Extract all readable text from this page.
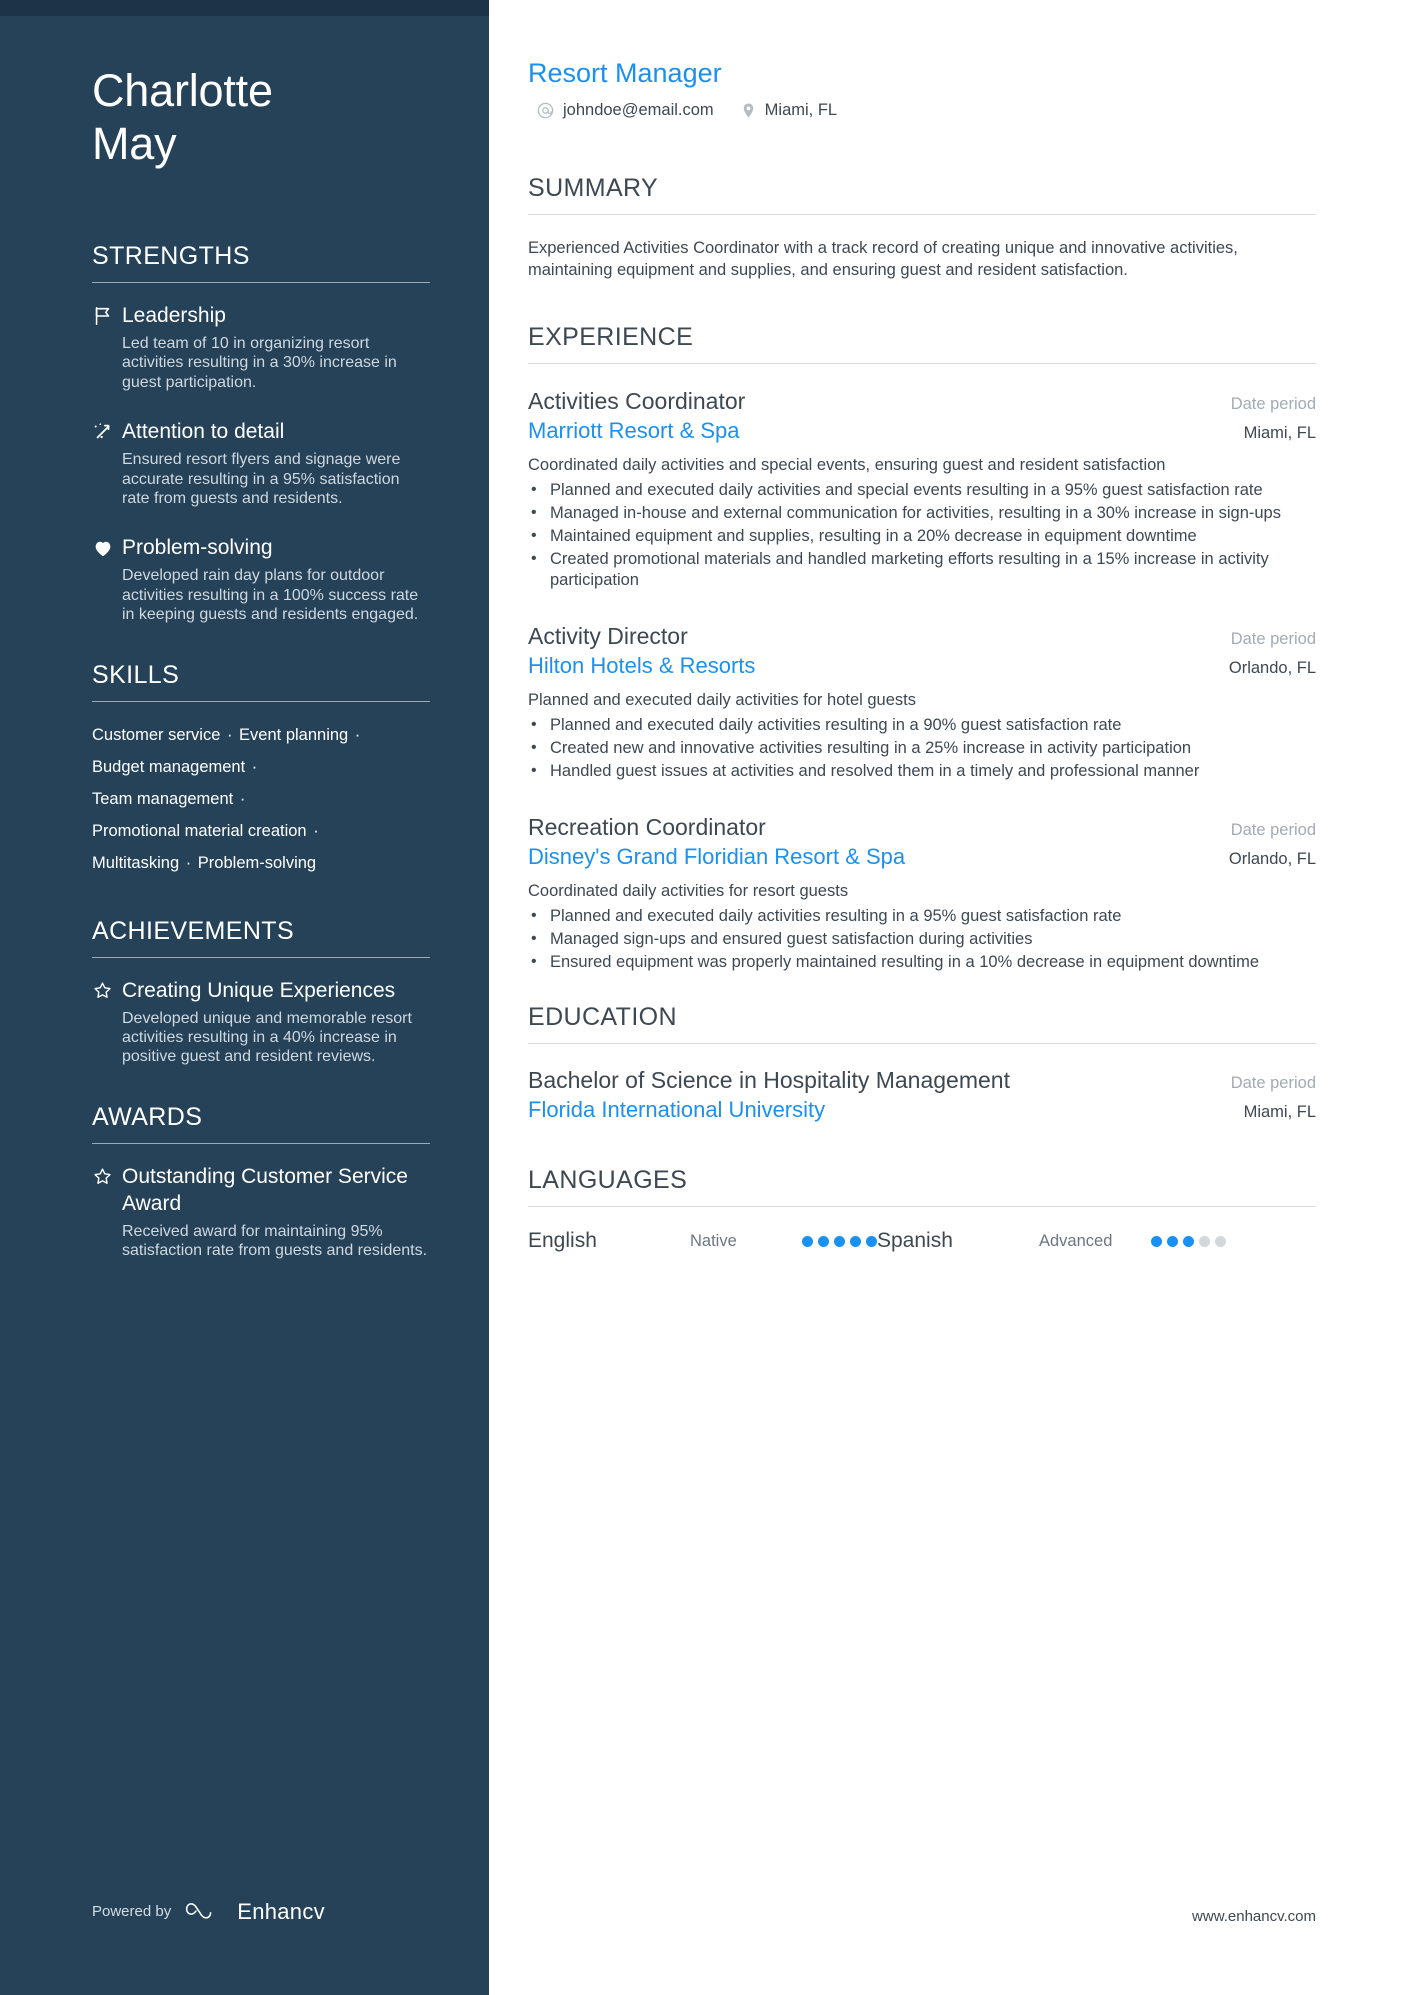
Charlotte
May
STRENGTHS
Leadership
Led team of 10 in organizing resort activities resulting in a 30% increase in guest participation.
Attention to detail
Ensured resort flyers and signage were accurate resulting in a 95% satisfaction rate from guests and residents.
Problem-solving
Developed rain day plans for outdoor activities resulting in a 100% success rate in keeping guests and residents engaged.
SKILLS
Customer service · Event planning ·
Budget management ·
Team management ·
Promotional material creation ·
Multitasking · Problem-solving
ACHIEVEMENTS
Creating Unique Experiences
Developed unique and memorable resort activities resulting in a 40% increase in positive guest and resident reviews.
AWARDS
Outstanding Customer Service Award
Received award for maintaining 95% satisfaction rate from guests and residents.
Powered by	Enhancv
Resort Manager
johndoe@email.com	Miami, FL
SUMMARY

Experienced Activities Coordinator with a track record of creating unique and innovative activities, maintaining equipment and supplies, and ensuring guest and resident satisfaction.

EXPERIENCE
Activities Coordinator	Date period
Marriott Resort & Spa	Miami, FL
Coordinated daily activities and special events, ensuring guest and resident satisfaction
• Planned and executed daily activities and special events resulting in a 95% guest satisfaction rate
• Managed in-house and external communication for activities, resulting in a 30% increase in sign-ups
• Maintained equipment and supplies, resulting in a 20% decrease in equipment downtime
• Created promotional materials and handled marketing efforts resulting in a 15% increase in activity participation
Activity Director	Date period
Hilton Hotels & Resorts	Orlando, FL
Planned and executed daily activities for hotel guests
• Planned and executed daily activities resulting in a 90% guest satisfaction rate
• Created new and innovative activities resulting in a 25% increase in activity participation
• Handled guest issues at activities and resolved them in a timely and professional manner
Recreation Coordinator	Date period
Disney's Grand Floridian Resort & Spa	Orlando, FL
Coordinated daily activities for resort guests
• Planned and executed daily activities resulting in a 95% guest satisfaction rate
• Managed sign-ups and ensured guest satisfaction during activities
• Ensured equipment was properly maintained resulting in a 10% decrease in equipment downtime
EDUCATION
Bachelor of Science in Hospitality Management	Date period
Florida International University	Miami, FL
LANGUAGES
English	Native	Spanish	Advanced
www.enhancv.com
